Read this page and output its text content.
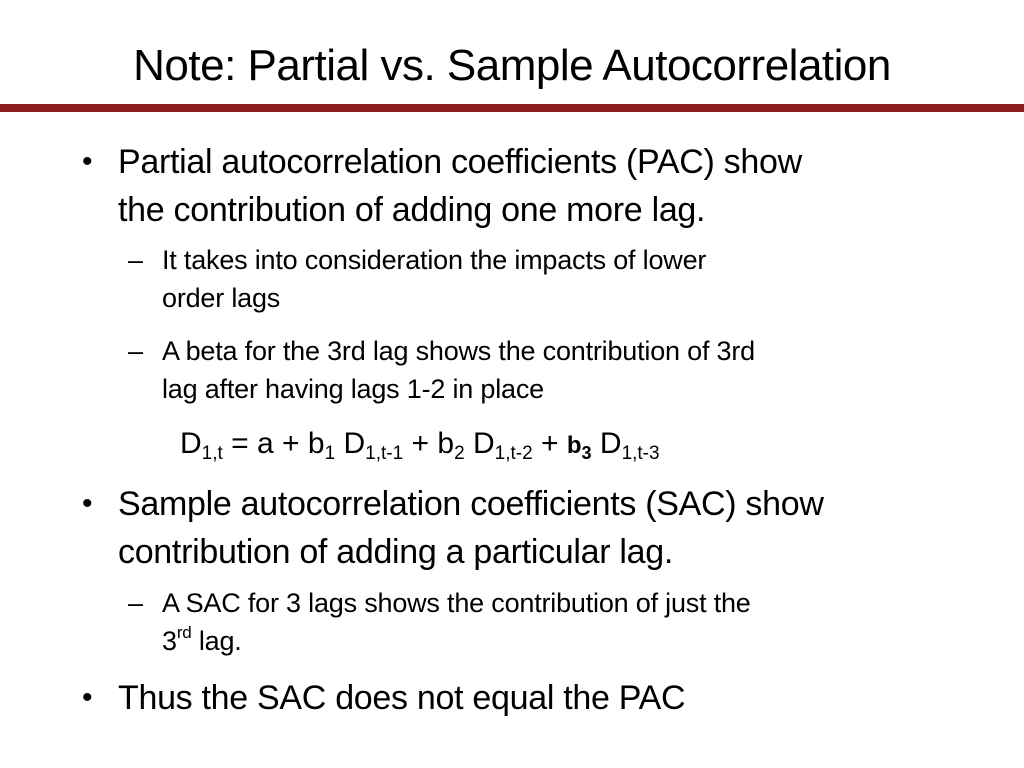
Note: Partial vs. Sample Autocorrelation
• Partial autocorrelation coefficients (PAC) show
the contribution of adding one more lag.
– It takes into consideration the impacts of lower
order lags
– A beta for the 3rd lag shows the contribution of 3rd
lag after having lags 1-2 in place
$D_{1,t} = a + b_1$ $D_{1,t-1} + b_2$ $D_{1,t-2} + b_3$ $D_{1,t-3}$
• Sample autocorrelation coefficients (SAC) show
contribution of adding a particular lag.
– A SAC for 3 lags shows the contribution of just the
3rd lag.
• Thus the SAC does not equal the PAC
